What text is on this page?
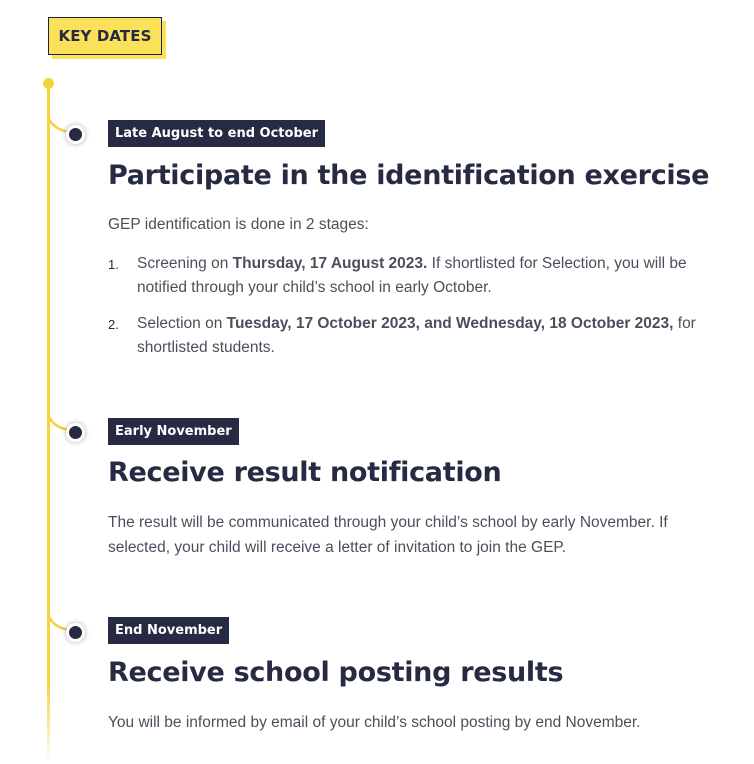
KEY DATES
Late August to end October
Participate in the identification exercise

GEP identification is done in 2 stages:

1. Screening on Thursday, 17 August 2023. If shortlisted for Selection, you will be notified through your child’s school in early October.
2. Selection on Tuesday, 17 October 2023, and Wednesday, 18 October 2023, for shortlisted students.
Early November
Receive result notification

The result will be communicated through your child’s school by early November. If selected, your child will receive a letter of invitation to join the GEP.

End November
Receive school posting results

You will be informed by email of your child’s school posting by end November.
